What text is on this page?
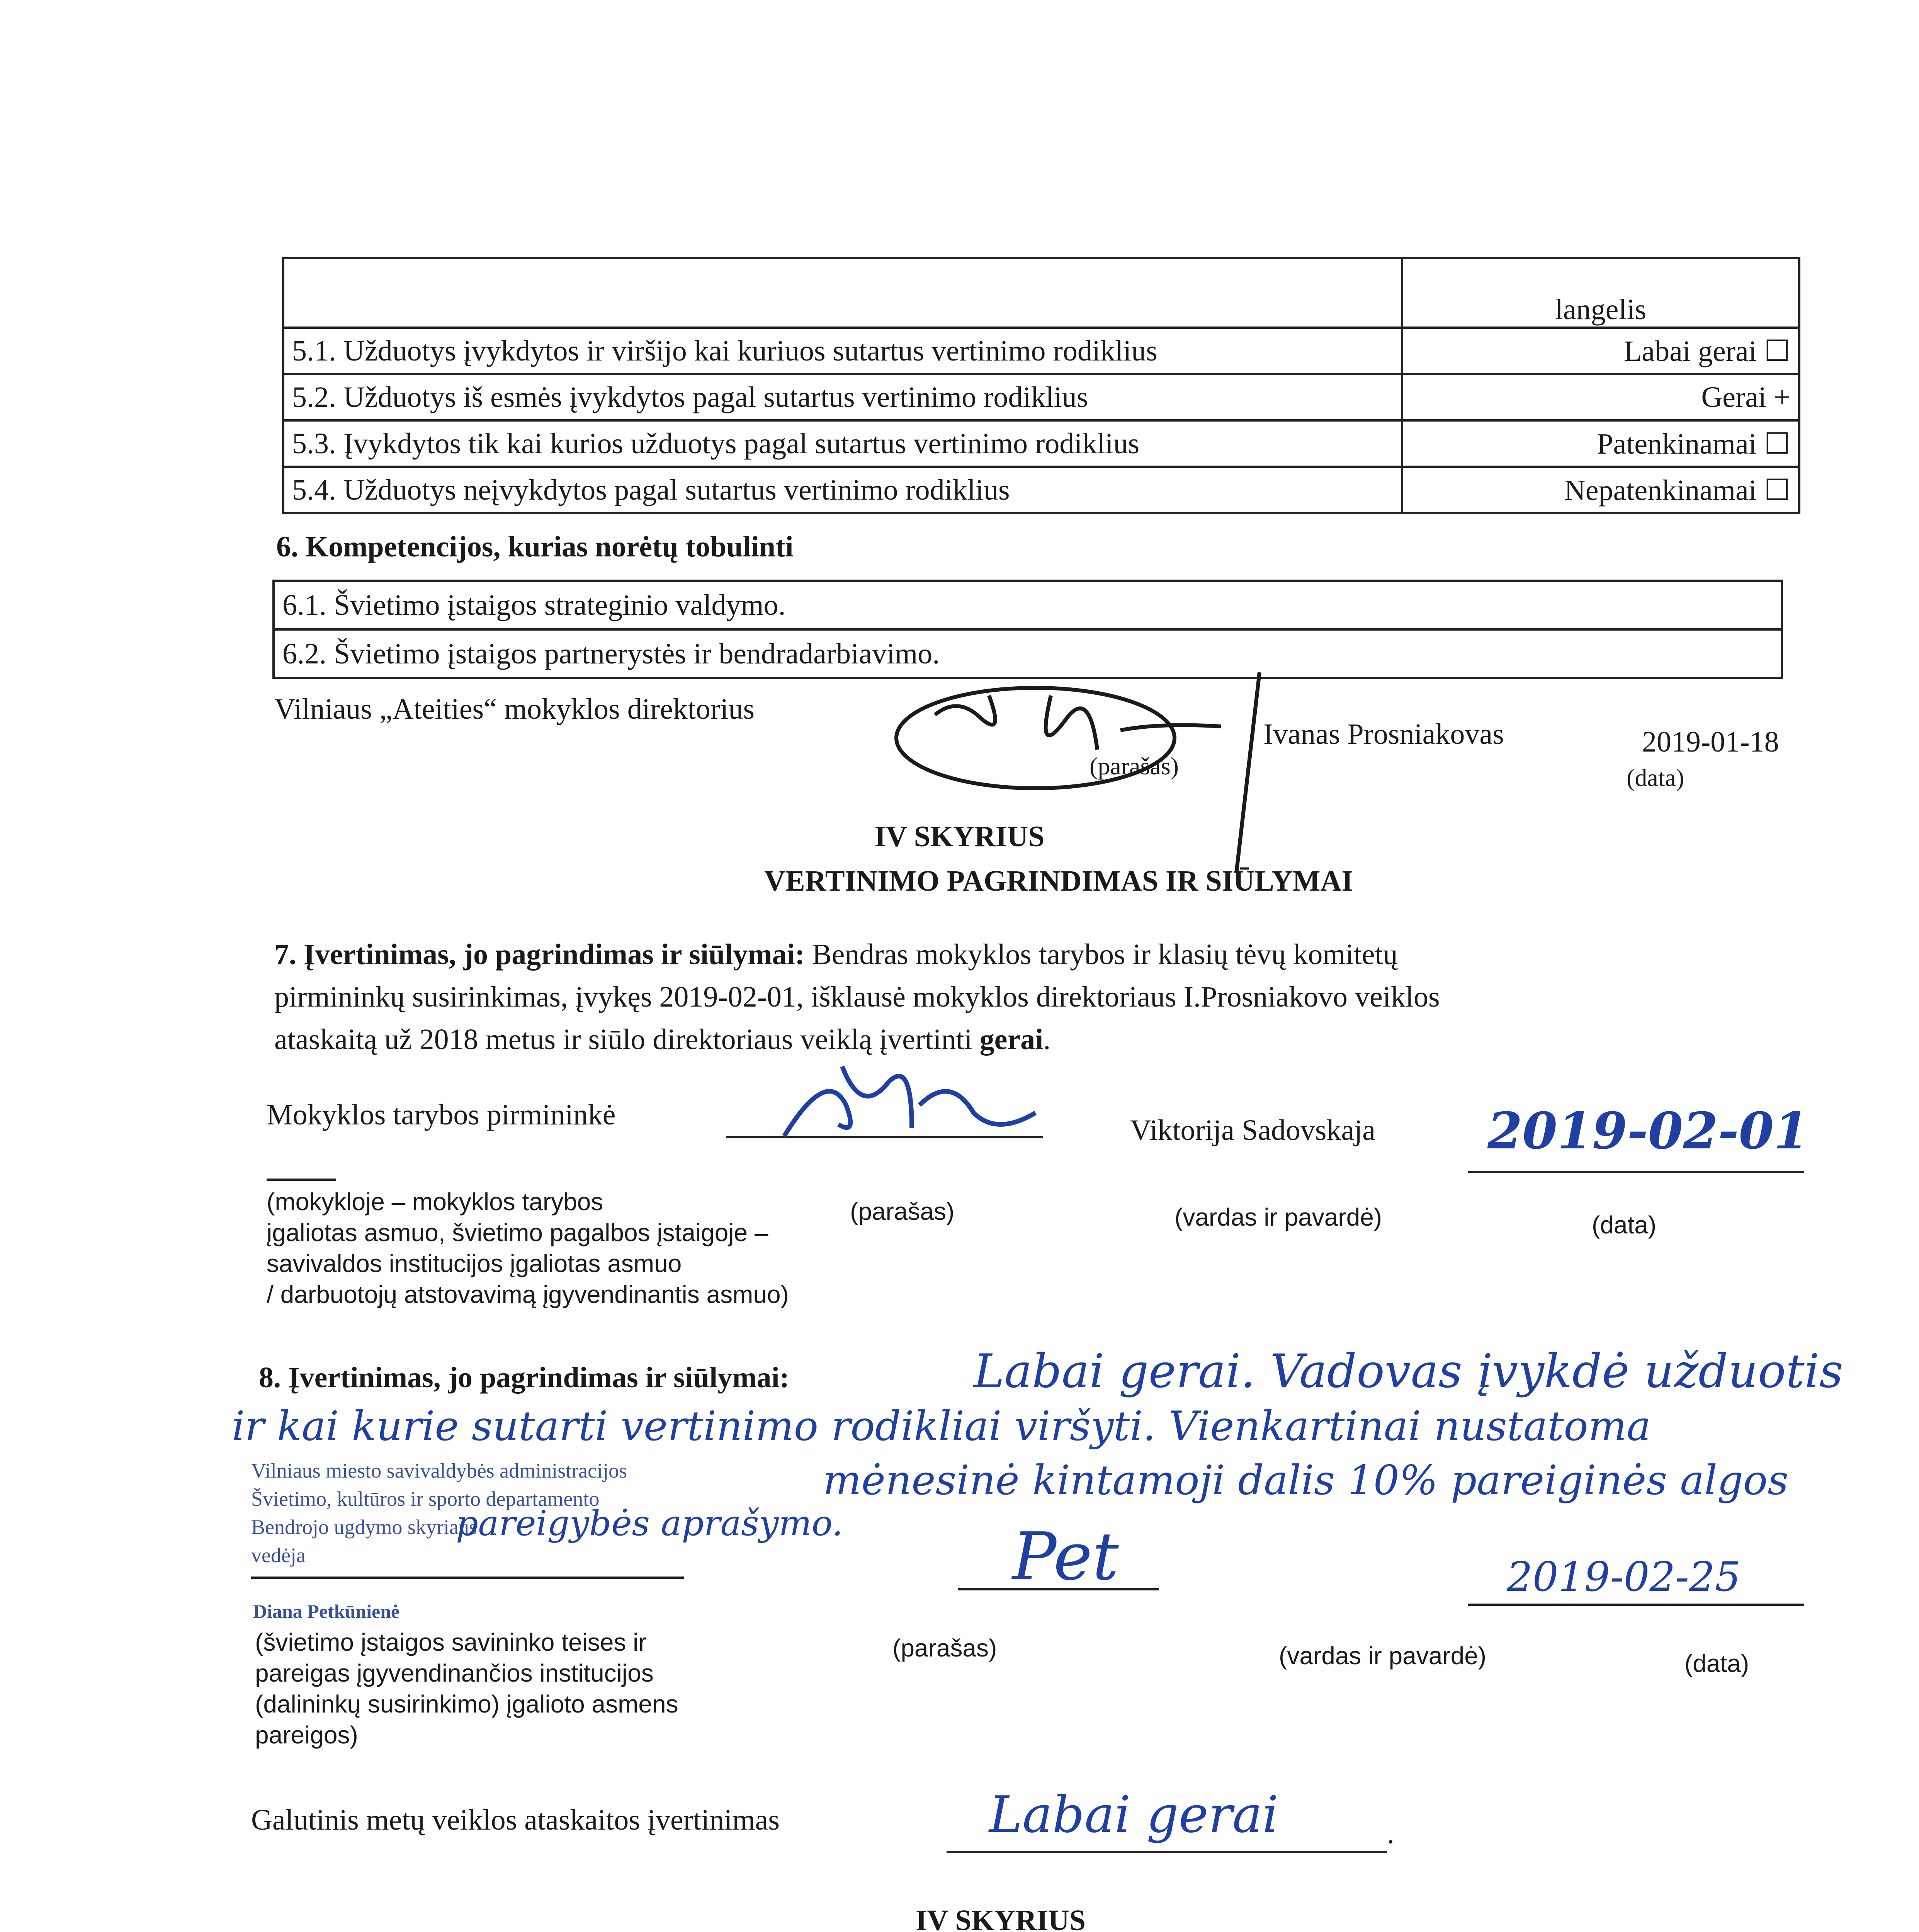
	langelis
5.1. Užduotys įvykdytos ir viršijo kai kuriuos sutartus vertinimo rodiklius	Labai gerai ☐
5.2. Užduotys iš esmės įvykdytos pagal sutartus vertinimo rodiklius	Gerai +
5.3. Įvykdytos tik kai kurios užduotys pagal sutartus vertinimo rodiklius	Patenkinamai ☐
5.4. Užduotys neįvykdytos pagal sutartus vertinimo rodiklius	Nepatenkinamai ☐
6. Kompetencijos, kurias norėtų tobulinti
6.1. Švietimo įstaigos strateginio valdymo.
6.2. Švietimo įstaigos partnerystės ir bendradarbiavimo.
Vilniaus „Ateities“ mokyklos direktorius
(parašas)
Ivanas Prosniakovas	2019-01-18
(data)
IV SKYRIUS
VERTINIMO PAGRINDIMAS IR SIŪLYMAI
7. Įvertinimas, jo pagrindimas ir siūlymai: Bendras mokyklos tarybos ir klasių tėvų komitetų
pirmininkų susirinkimas, įvykęs 2019-02-01, išklausė mokyklos direktoriaus I.Prosniakovo veiklos
ataskaitą už 2018 metus ir siūlo direktoriaus veiklą įvertinti gerai.
Mokyklos tarybos pirmininkė	Viktorija Sadovskaja 2019-02-01
(mokykloje – mokyklos tarybos
įgaliotas asmuo, švietimo pagalbos įstaigoje –
savivaldos institucijos įgaliotas asmuo
/ darbuotojų atstovavimą įgyvendinantis asmuo)
(parašas)	(vardas ir pavardė)	(data)
8. Įvertinimas, jo pagrindimas ir siūlymai:	Labai gerai. Vadovas įvykdė užduotis
ir kai kurie sutarti vertinimo rodikliai viršyti. Vienkartinai nustatoma
Vilniaus miesto savivaldybės administracijos
Švietimo, kultūros ir sporto departamento
Bendrojo ugdymo skyriaus
vedėja
mėnesinė kintamoji dalis 10% pareiginės algos
pareigybės aprašymo.
Diana Petkūnienė
Pet	2019-02-25
(švietimo įstaigos savininko teises ir
pareigas įgyvendinančios institucijos
(dalininkų susirinkimo) įgalioto asmens
pareigos)
(parašas)	(vardas ir pavardė)	(data)
Galutinis metų veiklos ataskaitos įvertinimas	Labai gerai	.
IV SKYRIUS
